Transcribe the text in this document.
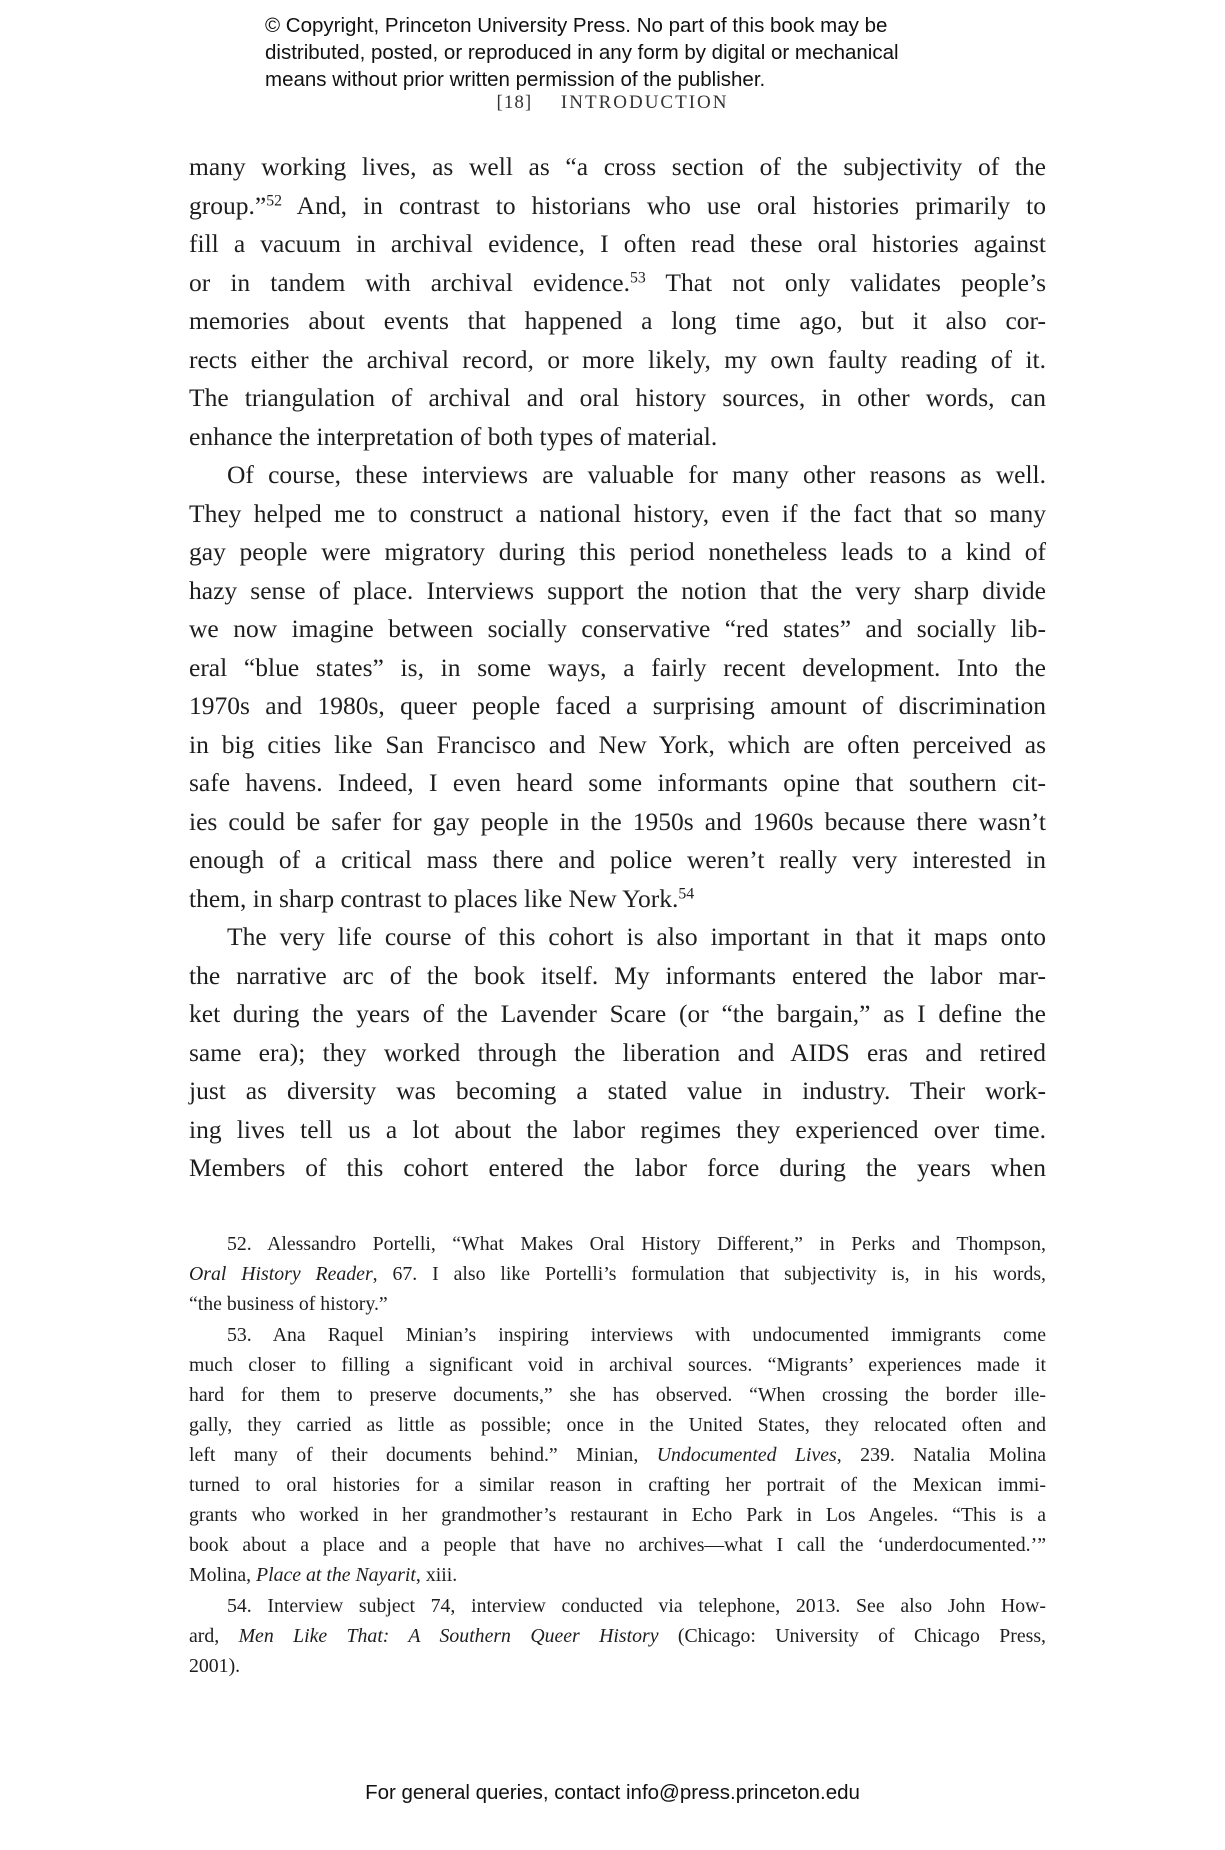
© Copyright, Princeton University Press. No part of this book may be
distributed, posted, or reproduced in any form by digital or mechanical
means without prior written permission of the publisher.
[18] INTRODUCTION
many working lives, as well as “a cross section of the subjectivity of the
group.”$^{52}$ And, in contrast to historians who use oral histories primarily to
fill a vacuum in archival evidence, I often read these oral histories against
or in tandem with archival evidence.$^{53}$ That not only validates people’s
memories about events that happened a long time ago, but it also cor-
rects either the archival record, or more likely, my own faulty reading of it.
The triangulation of archival and oral history sources, in other words, can
enhance the interpretation of both types of material.
Of course, these interviews are valuable for many other reasons as well.
They helped me to construct a national history, even if the fact that so many
gay people were migratory during this period nonetheless leads to a kind of
hazy sense of place. Interviews support the notion that the very sharp divide
we now imagine between socially conservative “red states” and socially lib-
eral “blue states” is, in some ways, a fairly recent development. Into the
1970s and 1980s, queer people faced a surprising amount of discrimination
in big cities like San Francisco and New York, which are often perceived as
safe havens. Indeed, I even heard some informants opine that southern cit-
ies could be safer for gay people in the 1950s and 1960s because there wasn’t
enough of a critical mass there and police weren’t really very interested in
them, in sharp contrast to places like New York.$^{54}$
The very life course of this cohort is also important in that it maps onto
the narrative arc of the book itself. My informants entered the labor mar-
ket during the years of the Lavender Scare (or “the bargain,” as I define the
same era); they worked through the liberation and AIDS eras and retired
just as diversity was becoming a stated value in industry. Their work-
ing lives tell us a lot about the labor regimes they experienced over time.
Members of this cohort entered the labor force during the years when
52. Alessandro Portelli, “What Makes Oral History Different,” in Perks and Thompson,
Oral History Reader, 67. I also like Portelli’s formulation that subjectivity is, in his words,
“the business of history.”
53. Ana Raquel Minian’s inspiring interviews with undocumented immigrants come
much closer to filling a significant void in archival sources. “Migrants’ experiences made it
hard for them to preserve documents,” she has observed. “When crossing the border ille-
gally, they carried as little as possible; once in the United States, they relocated often and
left many of their documents behind.” Minian, Undocumented Lives, 239. Natalia Molina
turned to oral histories for a similar reason in crafting her portrait of the Mexican immi-
grants who worked in her grandmother’s restaurant in Echo Park in Los Angeles. “This is a
book about a place and a people that have no archives—what I call the ‘underdocumented.’”
Molina, Place at the Nayarit, xiii.
54. Interview subject 74, interview conducted via telephone, 2013. See also John How-
ard, Men Like That: A Southern Queer History (Chicago: University of Chicago Press,
2001).
For general queries, contact info@press.princeton.edu
